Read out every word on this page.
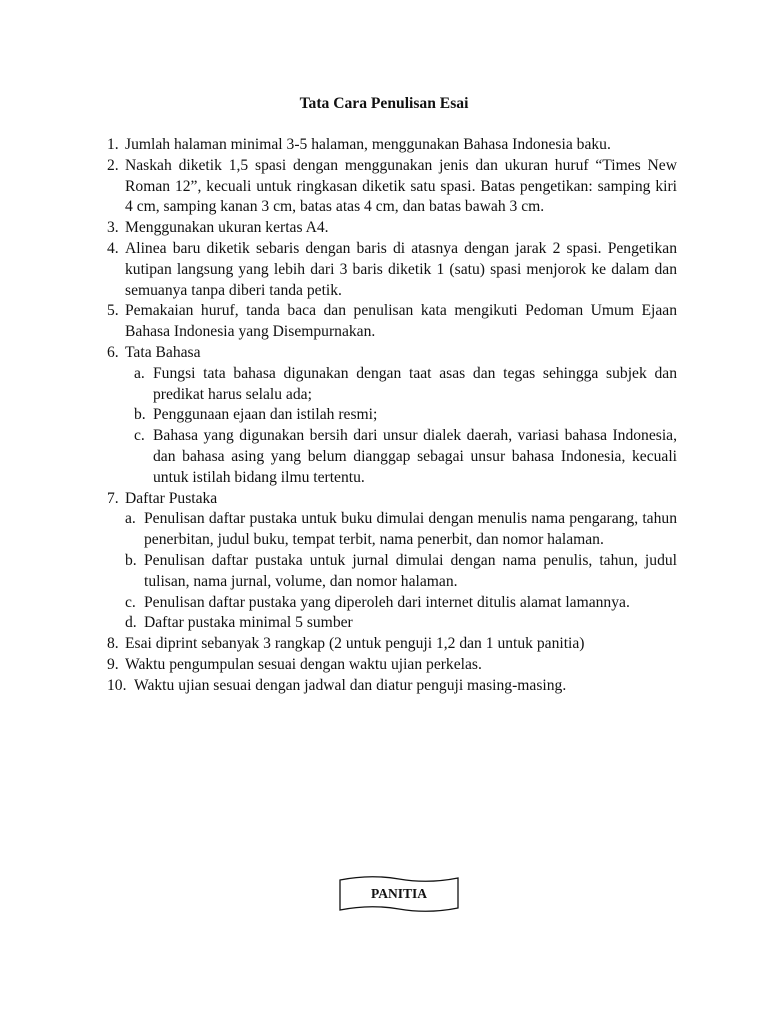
Tata Cara Penulisan Esai
1. Jumlah halaman minimal 3-5 halaman, menggunakan Bahasa Indonesia baku.
2. Naskah diketik 1,5 spasi dengan menggunakan jenis dan ukuran huruf “Times New Roman 12”, kecuali untuk ringkasan diketik satu spasi. Batas pengetikan: samping kiri 4 cm, samping kanan 3 cm, batas atas 4 cm, dan batas bawah 3 cm.
3. Menggunakan ukuran kertas A4.
4. Alinea baru diketik sebaris dengan baris di atasnya dengan jarak 2 spasi. Pengetikan kutipan langsung yang lebih dari 3 baris diketik 1 (satu) spasi menjorok ke dalam dan semuanya tanpa diberi tanda petik.
5. Pemakaian huruf, tanda baca dan penulisan kata mengikuti Pedoman Umum Ejaan Bahasa Indonesia yang Disempurnakan.
6. Tata Bahasa
a. Fungsi tata bahasa digunakan dengan taat asas dan tegas sehingga subjek dan predikat harus selalu ada;
b. Penggunaan ejaan dan istilah resmi;
c. Bahasa yang digunakan bersih dari unsur dialek daerah, variasi bahasa Indonesia, dan bahasa asing yang belum dianggap sebagai unsur bahasa Indonesia, kecuali untuk istilah bidang ilmu tertentu.
7. Daftar Pustaka
a. Penulisan daftar pustaka untuk buku dimulai dengan menulis nama pengarang, tahun penerbitan, judul buku, tempat terbit, nama penerbit, dan nomor halaman.
b. Penulisan daftar pustaka untuk jurnal dimulai dengan nama penulis, tahun, judul tulisan, nama jurnal, volume, dan nomor halaman.
c. Penulisan daftar pustaka yang diperoleh dari internet ditulis alamat lamannya.
d. Daftar pustaka minimal 5 sumber
8. Esai diprint sebanyak 3 rangkap (2 untuk penguji 1,2 dan 1 untuk panitia)
9. Waktu pengumpulan sesuai dengan waktu ujian perkelas.
10. Waktu ujian sesuai dengan jadwal dan diatur penguji masing-masing.
PANITIA
